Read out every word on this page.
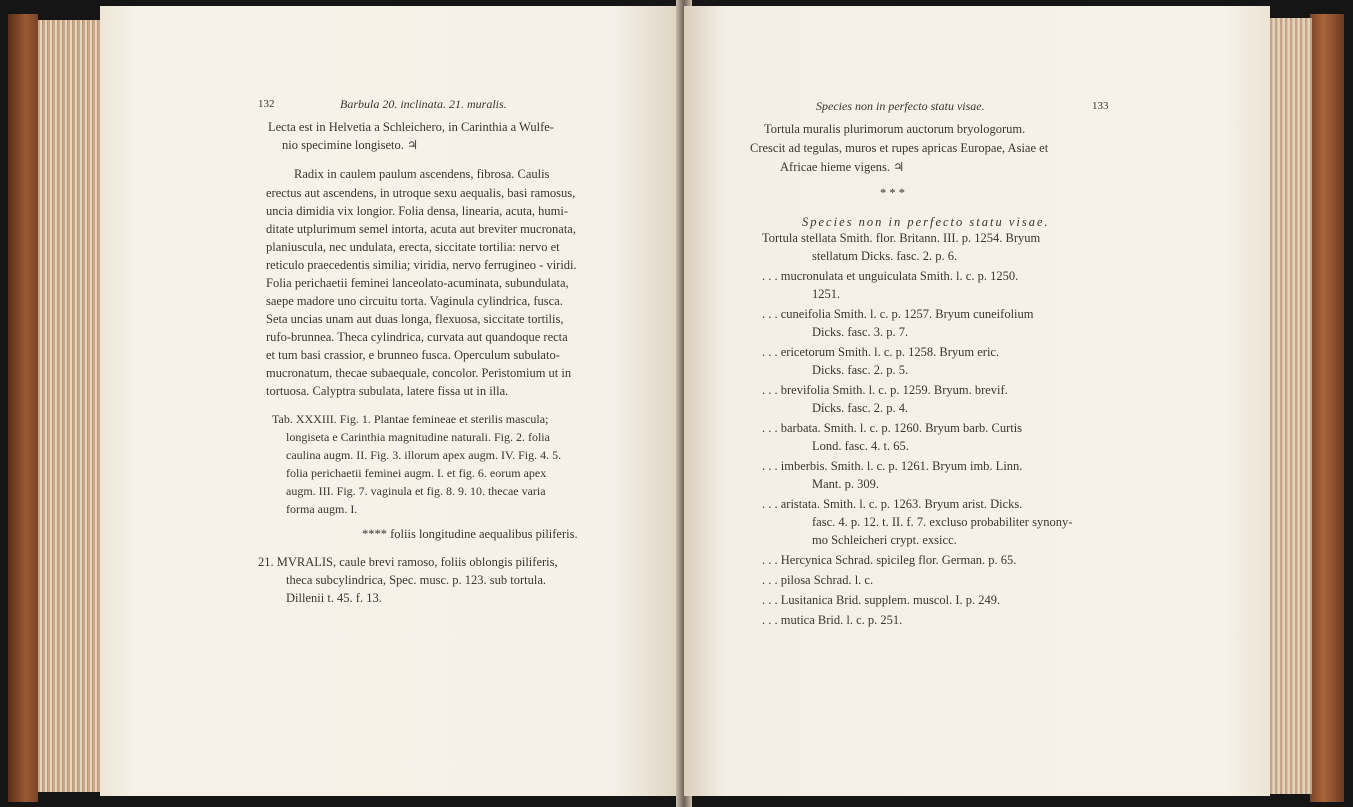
132	Barbula 20. inclinata. 21. muralis.
Lecta est in Helvetia a Schleichero, in Carinthia a Wulfe-
nio specimine longiseto. ♃
Radix in caulem paulum ascendens, fibrosa. Caulis
erectus aut ascendens, in utroque sexu aequalis, basi ramosus,
uncia dimidia vix longior. Folia densa, linearia, acuta, humi-
ditate utplurimum semel intorta, acuta aut breviter mucronata,
planiuscula, nec undulata, erecta, siccitate tortilia: nervo et
reticulo praecedentis similia; viridia, nervo ferrugineo - viridi.
Folia perichaetii feminei lanceolato-acuminata, subundulata,
saepe madore uno circuitu torta. Vaginula cylindrica, fusca.
Seta uncias unam aut duas longa, flexuosa, siccitate tortilis,
rufo-brunnea. Theca cylindrica, curvata aut quandoque recta
et tum basi crassior, e brunneo fusca. Operculum subulato-
mucronatum, thecae subaequale, concolor. Peristomium ut in
tortuosa. Calyptra subulata, latere fissa ut in illa.
Tab. XXXIII. Fig. 1. Plantae femineae et sterilis mascula;
longiseta e Carinthia magnitudine naturali. Fig. 2. folia
caulina augm. II. Fig. 3. illorum apex augm. IV. Fig. 4. 5.
folia perichaetii feminei augm. I. et fig. 6. eorum apex
augm. III. Fig. 7. vaginula et fig. 8. 9. 10. thecae varia
forma augm. I.
**** foliis longitudine aequalibus piliferis.
21. MVRALIS, caule brevi ramoso, foliis oblongis piliferis,
theca subcylindrica, Spec. musc. p. 123. sub tortula.
Dillenii t. 45. f. 13.
Species non in perfecto statu visae.	133
Tortula muralis plurimorum auctorum bryologorum.
Crescit ad tegulas, muros et rupes apricas Europae, Asiae et
Africae hieme vigens. ♃
* * *
Species non in perfecto statu visae.
Tortula stellata Smith. flor. Britann. III. p. 1254. Bryum
stellatum Dicks. fasc. 2. p. 6.
. . . mucronulata et unguiculata Smith. l. c. p. 1250.
1251.
. . . cuneifolia Smith. l. c. p. 1257. Bryum cuneifolium
Dicks. fasc. 3. p. 7.
. . . ericetorum Smith. l. c. p. 1258. Bryum eric.
Dicks. fasc. 2. p. 5.
. . . brevifolia Smith. l. c. p. 1259. Bryum. brevif.
Dicks. fasc. 2. p. 4.
. . . barbata. Smith. l. c. p. 1260. Bryum barb. Curtis
Lond. fasc. 4. t. 65.
. . . imberbis. Smith. l. c. p. 1261. Bryum imb. Linn.
Mant. p. 309.
. . . aristata. Smith. l. c. p. 1263. Bryum arist. Dicks.
fasc. 4. p. 12. t. II. f. 7. excluso probabiliter synony-
mo Schleicheri crypt. exsicc.
. . . Hercynica Schrad. spicileg flor. German. p. 65.
. . . pilosa Schrad. l. c.
. . . Lusitanica Brid. supplem. muscol. I. p. 249.
. . . mutica Brid. l. c. p. 251.
